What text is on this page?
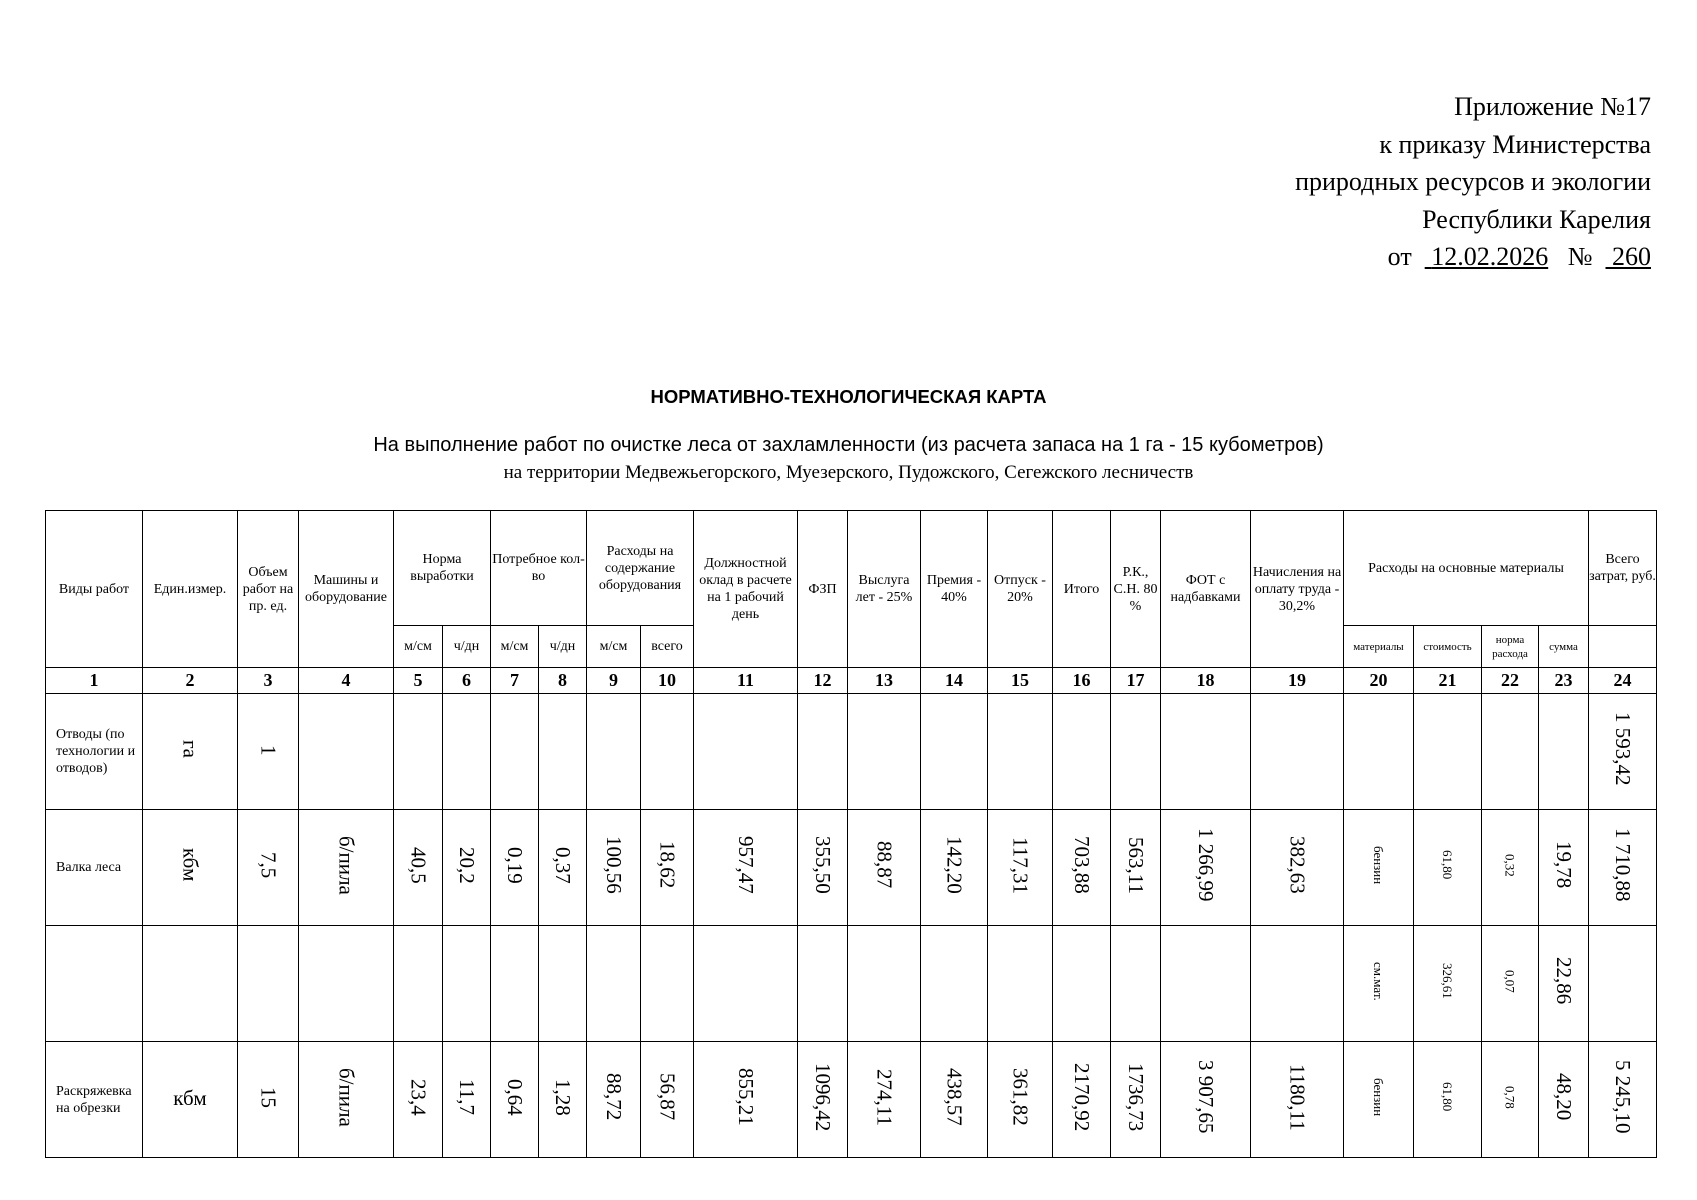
Приложение №17
к приказу Министерства
природных ресурсов и экологии
Республики Карелия
от 12.02.2026 № 260
НОРМАТИВНО-ТЕХНОЛОГИЧЕСКАЯ КАРТА
На выполнение работ по очистке леса от захламленности (из расчета запаса на 1 га - 15 кубометров)
на территории Медвежьегорского, Муезерского, Пудожского, Сегежского лесничеств
Виды работ	Един.измер.	Объем работ на пр. ед.	Машины и оборудование	Норма выработки		Потребное кол-во		Расходы на содержание оборудования		Должностной оклад в расчете на 1 рабочий день	ФЗП	Выслуга лет - 25%	Премия - 40%	Отпуск - 20%	Итого	Р.К., С.Н. 80 %	ФОТ с надбавками	Начисления на оплату труда - 30,2%	Расходы на основные материалы				Всего затрат, руб.
				м/см	ч/дн	м/см	ч/дн	м/см	всего										материалы	стоимость	норма расхода	сумма	
1	2	3	4	5	6	7	8	9	10	11	12	13	14	15	16	17	18	19	20	21	22	23	24
Отводы (по технологии и отводов)	га	1																					1 593,42
Валка леса	кбм	7,5	б/пила	40,5	20,2	0,19	0,37	100,56	18,62	957,47	355,50	88,87	142,20	117,31	703,88	563,11	1 266,99	382,63	бензин	61,80	0,32	19,78	1 710,88
																			см.мат.	326,61	0,07	22,86	
Раскряжевка на обрезки	кбм	15	б/пила	23,4	11,7	0,64	1,28	88,72	56,87	855,21	1096,42	274,11	438,57	361,82	2170,92	1736,73	3 907,65	1180,11	бензин	61,80	0,78	48,20	5 245,10
